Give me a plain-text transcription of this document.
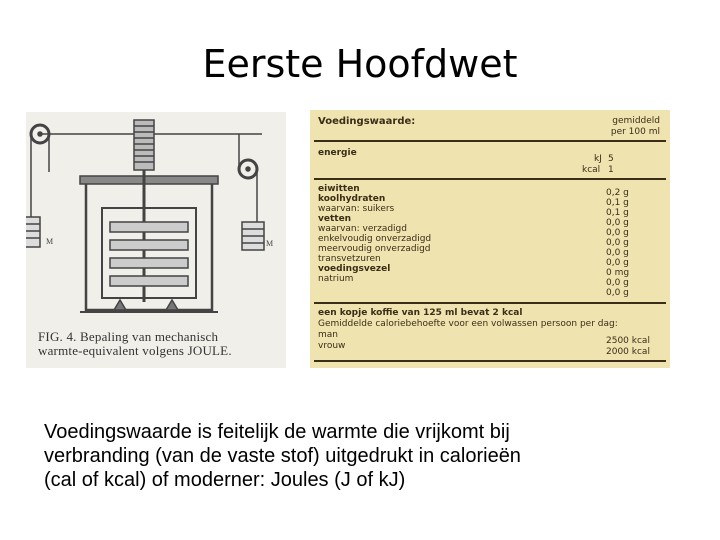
Eerste Hoofdwet
M	M
FIG. 4. Bepaling van mechanisch
warmte-equivalent volgens JOULE.
Voedingswaarde:	gemiddeld
per 100 ml
energie
kJ 5
kcal 1
eiwitten	0,2 g
koolhydraten	0,1 g
waarvan: suikers	0,1 g
vetten	0,0 g
waarvan: verzadigd	0,0 g
enkelvoudig onverzadigd	0,0 g
meervoudig onverzadigd	0,0 g
transvetzuren	0,0 g
voedingsvezel	0 mg
natrium	0,0 g
0,0 g
een kopje koffie van 125 ml bevat 2 kcal
Gemiddelde caloriebehoefte voor een volwassen persoon per dag:
man
2500 kcal
vrouw
2000 kcal
Voedingswaarde is feitelijk de warmte die vrijkomt bij
verbranding (van de vaste stof) uitgedrukt in calorieën
(cal of kcal) of moderner: Joules (J of kJ)
